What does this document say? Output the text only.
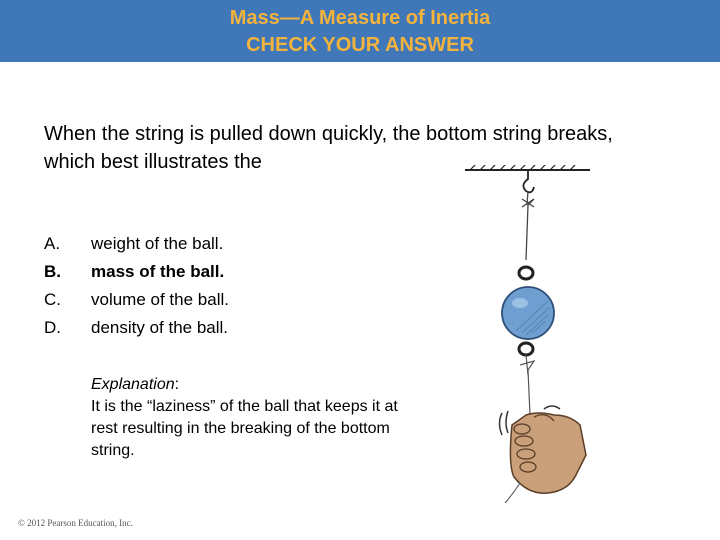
Mass—A Measure of Inertia
CHECK YOUR ANSWER
When the string is pulled down quickly, the bottom string breaks, which best illustrates the
A.	weight of the ball.
B.	mass of the ball.
C.	volume of the ball.
D.	density of the ball.
Explanation:
It is the “laziness” of the ball that keeps it at rest resulting in the breaking of the bottom string.
© 2012 Pearson Education, Inc.
